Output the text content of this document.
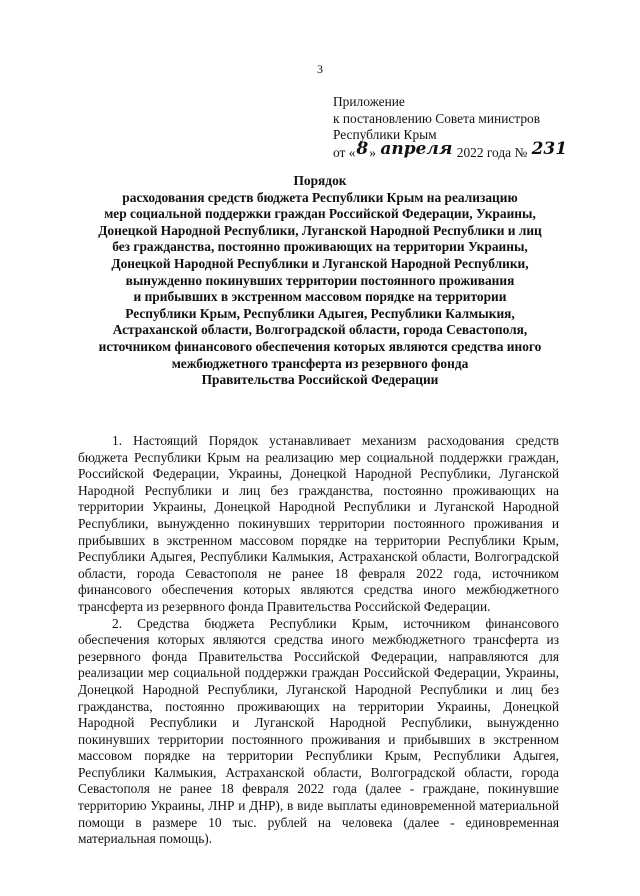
3
Приложение
к постановлению Совета министров
Республики Крым
от «8» апреля 2022 года № 231
Порядок
расходования средств бюджета Республики Крым на реализацию
мер социальной поддержки граждан Российской Федерации, Украины,
Донецкой Народной Республики, Луганской Народной Республики и лиц
без гражданства, постоянно проживающих на территории Украины,
Донецкой Народной Республики и Луганской Народной Республики,
вынужденно покинувших территории постоянного проживания
и прибывших в экстренном массовом порядке на территории
Республики Крым, Республики Адыгея, Республики Калмыкия,
Астраханской области, Волгоградской области, города Севастополя,
источником финансового обеспечения которых являются средства иного
межбюджетного трансферта из резервного фонда
Правительства Российской Федерации

1. Настоящий Порядок устанавливает механизм расходования средств бюджета Республики Крым на реализацию мер социальной поддержки граждан, Российской Федерации, Украины, Донецкой Народной Республики, Луганской Народной Республики и лиц без гражданства, постоянно проживающих на территории Украины, Донецкой Народной Республики и Луганской Народной Республики, вынужденно покинувших территории постоянного проживания и прибывших в экстренном массовом порядке на территории Республики Крым, Республики Адыгея, Республики Калмыкия, Астраханской области, Волгоградской области, города Севастополя не ранее 18 февраля 2022 года, источником финансового обеспечения которых являются средства иного межбюджетного трансферта из резервного фонда Правительства Российской Федерации.

2. Средства бюджета Республики Крым, источником финансового обеспечения которых являются средства иного межбюджетного трансферта из резервного фонда Правительства Российской Федерации, направляются для реализации мер социальной поддержки граждан Российской Федерации, Украины, Донецкой Народной Республики, Луганской Народной Республики и лиц без гражданства, постоянно проживающих на территории Украины, Донецкой Народной Республики и Луганской Народной Республики, вынужденно покинувших территории постоянного проживания и прибывших в экстренном массовом порядке на территории Республики Крым, Республики Адыгея, Республики Калмыкия, Астраханской области, Волгоградской области, города Севастополя не ранее 18 февраля 2022 года (далее - граждане, покинувшие территорию Украины, ЛНР и ДНР), в виде выплаты единовременной материальной помощи в размере 10 тыс. рублей на человека (далее - единовременная материальная помощь).
